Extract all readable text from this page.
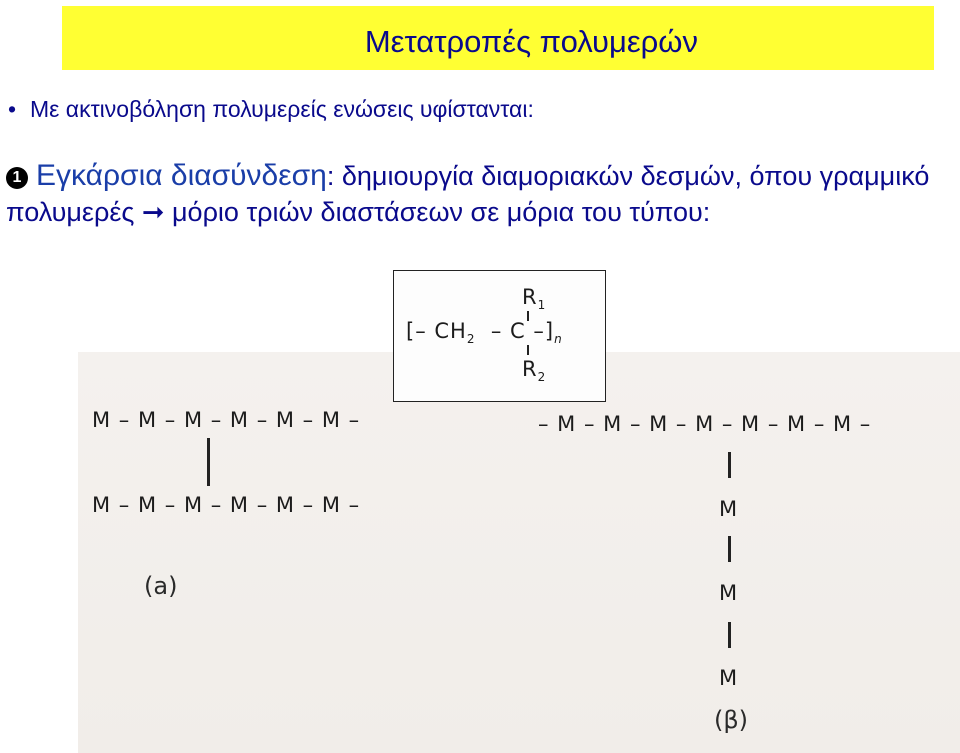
Μετατροπές πολυμερών
• Με ακτινοβόληση πολυμερείς ενώσεις υφίστανται:
1 Εγκάρσια διασύνδεση: δημιουργία διαμοριακών δεσμών, όπου γραμμικό πολυμερές ➞ μόριο τριών διαστάσεων σε μόρια του τύπου:
$R_1$
[– $CH_2$ – C $-]_n$
$R_2$
M – M – M – M – M – M –
M – M – M – M – M – M –
(a)
– M – M – M – M – M – M – M –
M
M
M
(β)
